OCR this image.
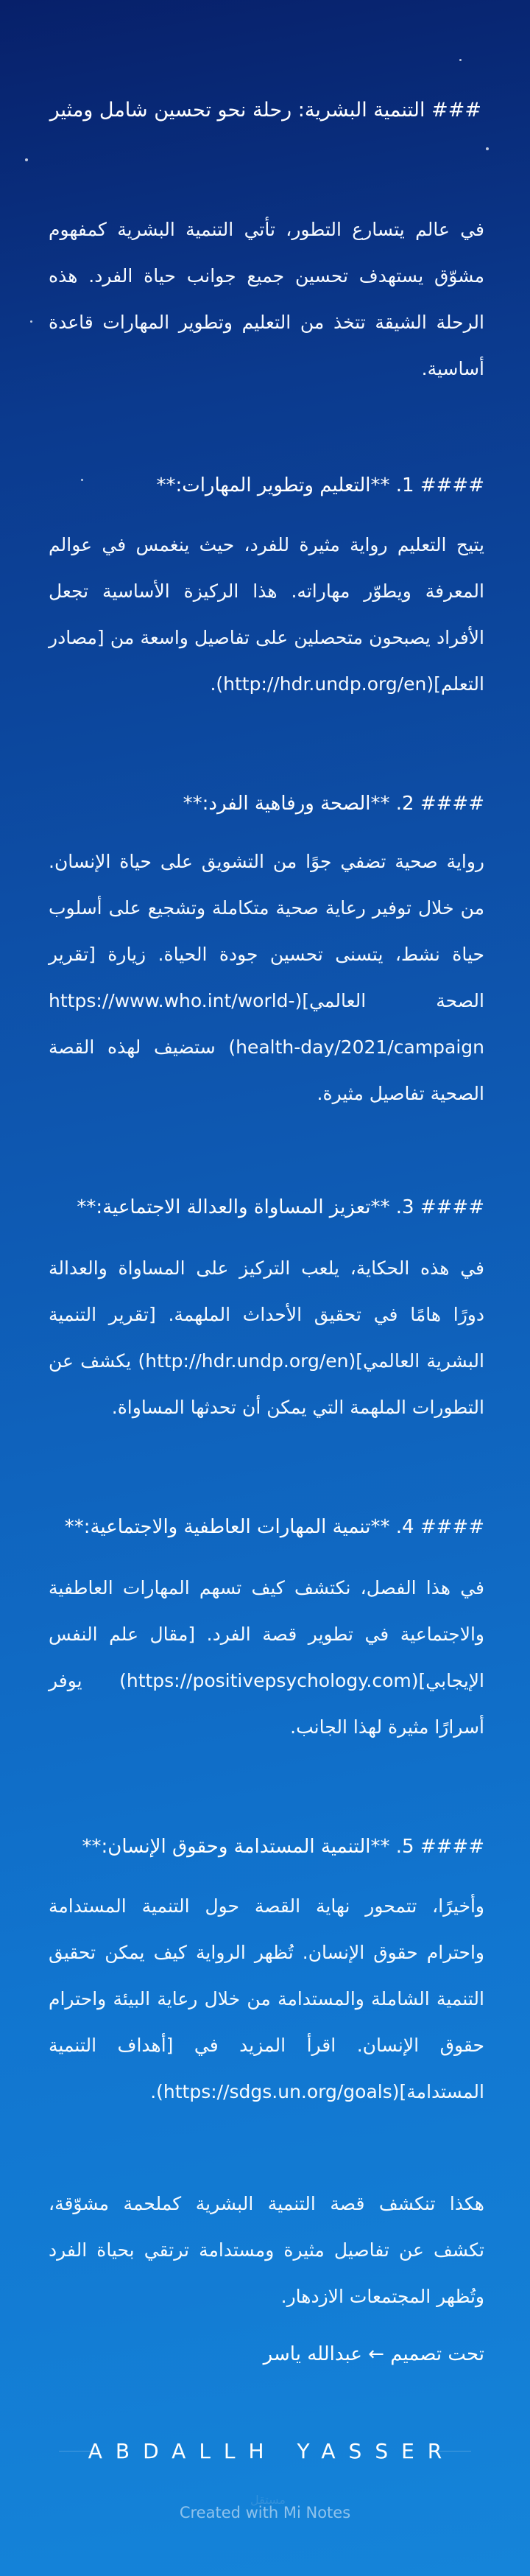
### التنمية البشرية: رحلة نحو تحسين شامل ومثير
في عالم يتسارع التطور، تأتي التنمية البشرية كمفهوم مشوّق يستهدف تحسين جميع جوانب حياة الفرد. هذه الرحلة الشيقة تتخذ من التعليم وتطوير المهارات قاعدة أساسية.
#### 1. **التعليم وتطوير المهارات:**
يتيح التعليم رواية مثيرة للفرد، حيث ينغمس في عوالم المعرفة ويطوّر مهاراته. هذا الركيزة الأساسية تجعل الأفراد يصبحون متحصلين على تفاصيل واسعة من [مصادر التعلم](http://hdr.undp.org/en).
#### 2. **الصحة ورفاهية الفرد:**
رواية صحية تضفي جوًا من التشويق على حياة الإنسان. من خلال توفير رعاية صحية متكاملة وتشجيع على أسلوب حياة نشط، يتسنى تحسين جودة الحياة. زيارة [تقرير الصحة العالمي](https://www.who.int/world-health-day/2021/campaign) ستضيف لهذه القصة الصحية تفاصيل مثيرة.
#### 3. **تعزيز المساواة والعدالة الاجتماعية:**
في هذه الحكاية، يلعب التركيز على المساواة والعدالة دورًا هامًا في تحقيق الأحداث الملهمة. [تقرير التنمية البشرية العالمي](http://hdr.undp.org/en) يكشف عن التطورات الملهمة التي يمكن أن تحدثها المساواة.
#### 4. **تنمية المهارات العاطفية والاجتماعية:**
في هذا الفصل، نكتشف كيف تسهم المهارات العاطفية والاجتماعية في تطوير قصة الفرد. [مقال علم النفس الإيجابي](https://positivepsychology.com) يوفر أسرارًا مثيرة لهذا الجانب.
#### 5. **التنمية المستدامة وحقوق الإنسان:**
وأخيرًا، تتمحور نهاية القصة حول التنمية المستدامة واحترام حقوق الإنسان. تُظهر الرواية كيف يمكن تحقيق التنمية الشاملة والمستدامة من خلال رعاية البيئة واحترام حقوق الإنسان. اقرأ المزيد في [أهداف التنمية المستدامة](https://sdgs.un.org/goals).
هكذا تنكشف قصة التنمية البشرية كملحمة مشوّقة، تكشف عن تفاصيل مثيرة ومستدامة ترتقي بحياة الفرد وتُظهر المجتمعات الازدهار.
تحت تصميم ← عبدالله ياسر
ABDALLH YASSER
مستقل
Created with Mi Notes
